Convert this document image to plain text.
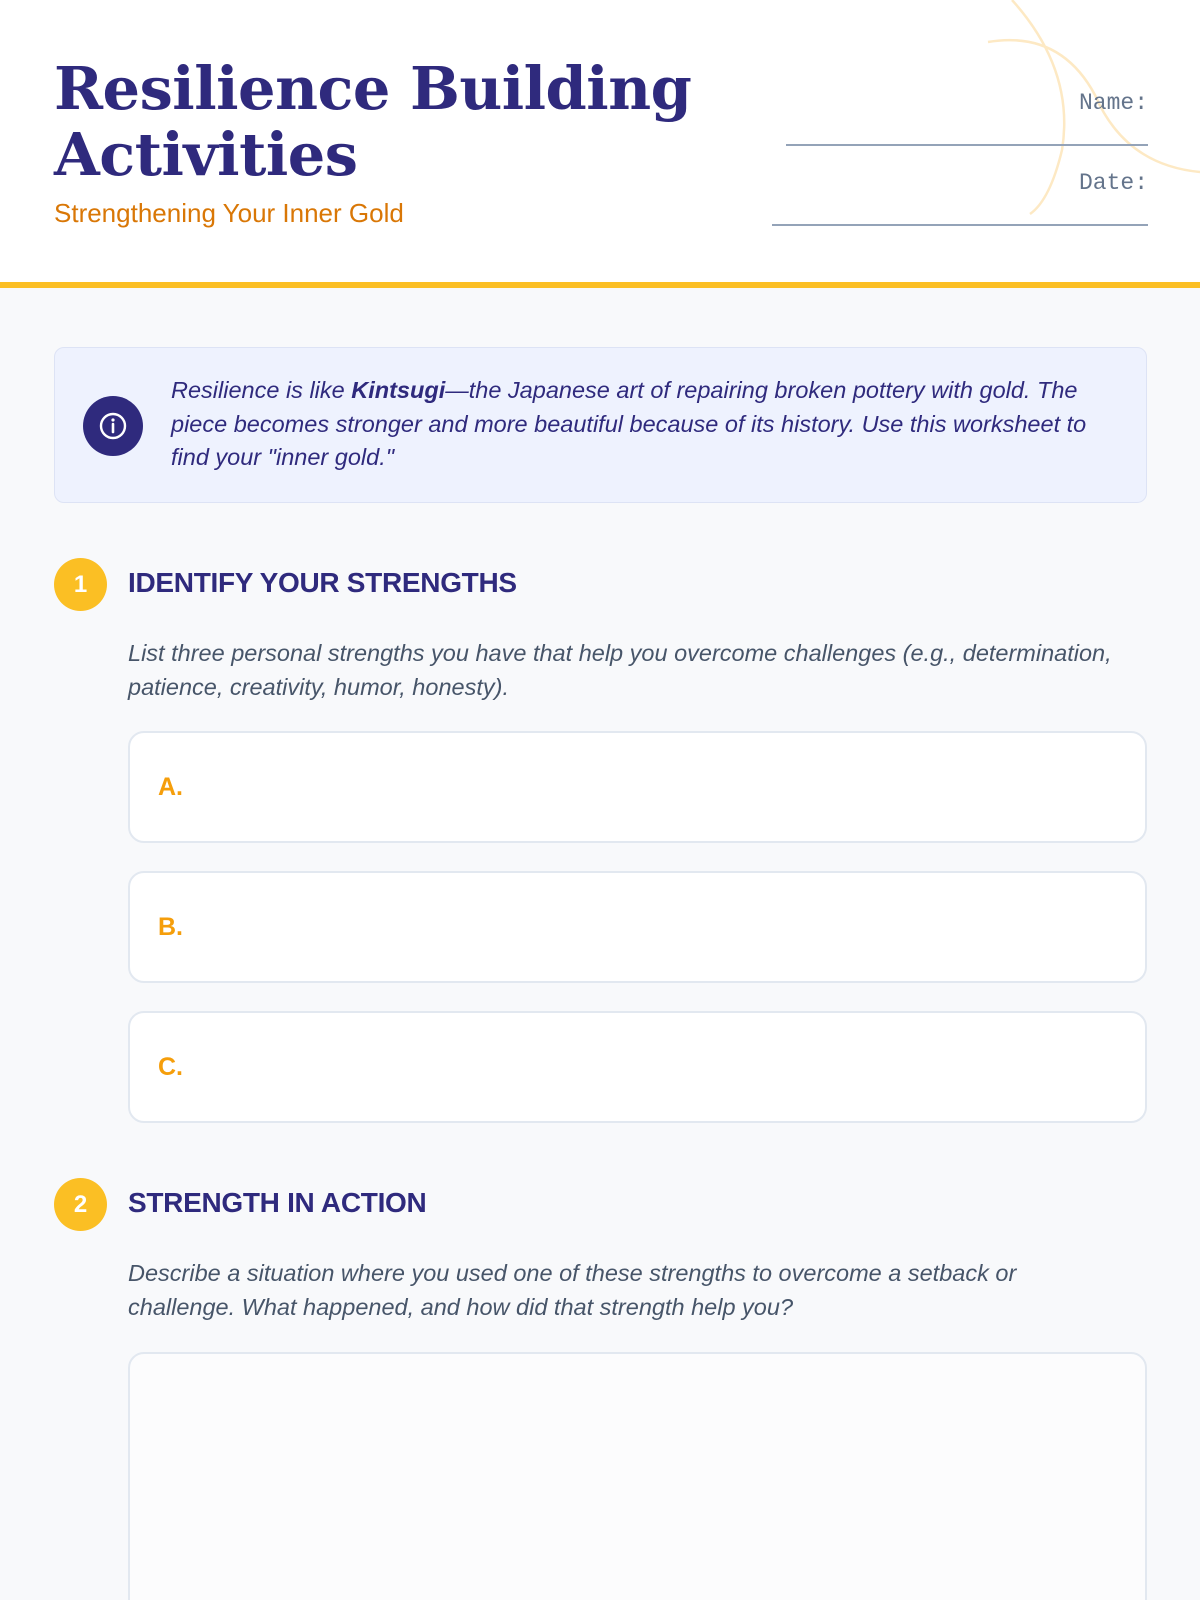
Resilience Building
Activities
Strengthening Your Inner Gold
Name:
Date:
Resilience is like Kintsugi—the Japanese art of repairing broken pottery with gold. The piece becomes stronger and more beautiful because of its history. Use this worksheet to find your "inner gold."
1	IDENTIFY YOUR STRENGTHS
List three personal strengths you have that help you overcome challenges (e.g., determination, patience, creativity, humor, honesty).
A.
B.
C.
2	STRENGTH IN ACTION
Describe a situation where you used one of these strengths to overcome a setback or challenge. What happened, and how did that strength help you?
